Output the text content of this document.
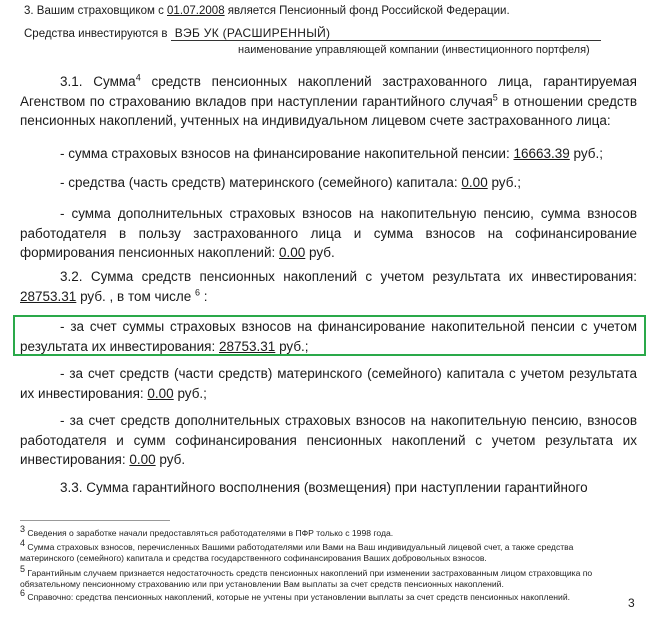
3. Вашим страховщиком с 01.07.2008 является Пенсионный фонд Российской Федерации.
Средства инвестируются в ВЭБ УК (РАСШИРЕННЫЙ)
наименование управляющей компании (инвестиционного портфеля)
3.1. Сумма$^4$ средств пенсионных накоплений застрахованного лица, гарантируемая Агенством по страхованию вкладов при наступлении гарантийного случая$^5$ в отношении средств пенсионных накоплений, учтенных на индивидуальном лицевом счете застрахованного лица:
- сумма страховых взносов на финансирование накопительной пенсии: 16663.39 руб.;
- средства (часть средств) материнского (семейного) капитала: 0.00 руб.;
- сумма дополнительных страховых взносов на накопительную пенсию, сумма взносов работодателя в пользу застрахованного лица и сумма взносов на софинансирование формирования пенсионных накоплений: 0.00 руб.
3.2. Сумма средств пенсионных накоплений с учетом результата их инвестирования: 28753.31 руб. , в том числе $^6$ :
- за счет суммы страховых взносов на финансирование накопительной пенсии с учетом результата их инвестирования: 28753.31 руб.;
- за счет средств (части средств) материнского (семейного) капитала с учетом результата их инвестирования: 0.00 руб.;
- за счет средств дополнительных страховых взносов на накопительную пенсию, взносов работодателя и сумм софинансирования пенсионных накоплений с учетом результата их инвестирования: 0.00 руб.
3.3. Сумма гарантийного восполнения (возмещения) при наступлении гарантийного
$^3$ Сведения о заработке начали предоставляться работодателями в ПФР только с 1998 года.
$^4$ Сумма страховых взносов, перечисленных Вашими работодателями или Вами на Ваш индивидуальный лицевой счет, а также средства материнского (семейного) капитала и средства государственного софинансирования Ваших добровольных взносов.
$^5$ Гарантийным случаем признается недостаточность средств пенсионных накоплений при изменении застрахованным лицом страховщика по обязательному пенсионному страхованию или при установлении Вам выплаты за счет средств пенсионных накоплений.
$^6$ Справочно: средства пенсионных накоплений, которые не учтены при установлении выплаты за счет средств пенсионных накоплений.	3
